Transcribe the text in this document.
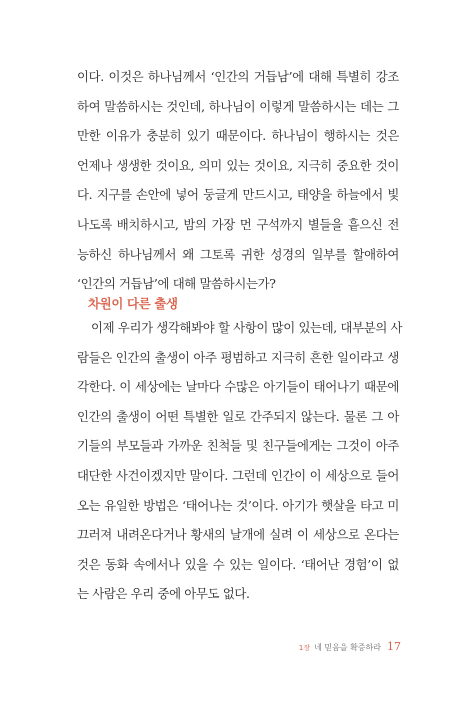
이다. 이것은 하나님께서 ‘인간의 거듭남’에 대해 특별히 강조
하여 말씀하시는 것인데, 하나님이 이렇게 말씀하시는 데는 그
만한 이유가 충분히 있기 때문이다. 하나님이 행하시는 것은
언제나 생생한 것이요, 의미 있는 것이요, 지극히 중요한 것이
다. 지구를 손안에 넣어 둥글게 만드시고, 태양을 하늘에서 빛
나도록 배치하시고, 밤의 가장 먼 구석까지 별들을 흩으신 전
능하신 하나님께서 왜 그토록 귀한 성경의 일부를 할애하여
‘인간의 거듭남’에 대해 말씀하시는가?
차원이 다른 출생
이제 우리가 생각해봐야 할 사항이 많이 있는데, 대부분의 사
람들은 인간의 출생이 아주 평범하고 지극히 흔한 일이라고 생
각한다. 이 세상에는 날마다 수많은 아기들이 태어나기 때문에
인간의 출생이 어떤 특별한 일로 간주되지 않는다. 물론 그 아
기들의 부모들과 가까운 친척들 및 친구들에게는 그것이 아주
대단한 사건이겠지만 말이다. 그런데 인간이 이 세상으로 들어
오는 유일한 방법은 ‘태어나는 것’이다. 아기가 햇살을 타고 미
끄러져 내려온다거나 황새의 날개에 실려 이 세상으로 온다는
것은 동화 속에서나 있을 수 있는 일이다. ‘태어난 경험’이 없
는 사람은 우리 중에 아무도 없다.
1장 네 믿음을 확증하라 17
